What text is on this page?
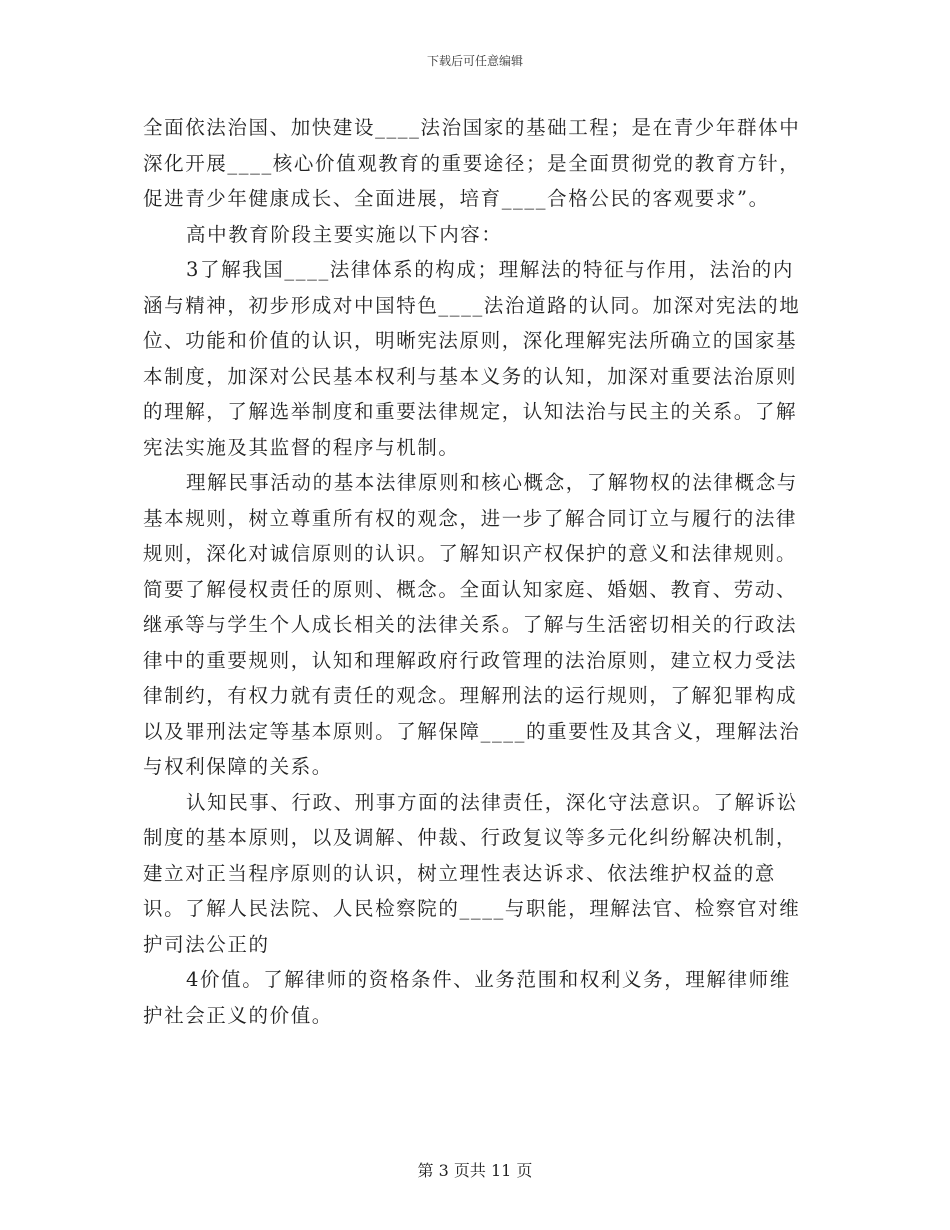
下载后可任意编辑

全面依法治国、加快建设____法治国家的基础工程；是在青少年群体中深化开展____核心价值观教育的重要途径；是全面贯彻党的教育方针，促进青少年健康成长、全面进展，培育____合格公民的客观要求”。

高中教育阶段主要实施以下内容：

3了解我国____法律体系的构成；理解法的特征与作用，法治的内涵与精神，初步形成对中国特色____法治道路的认同。加深对宪法的地位、功能和价值的认识，明晰宪法原则，深化理解宪法所确立的国家基本制度，加深对公民基本权利与基本义务的认知，加深对重要法治原则的理解，了解选举制度和重要法律规定，认知法治与民主的关系。了解宪法实施及其监督的程序与机制。

理解民事活动的基本法律原则和核心概念，了解物权的法律概念与基本规则，树立尊重所有权的观念，进一步了解合同订立与履行的法律规则，深化对诚信原则的认识。了解知识产权保护的意义和法律规则。简要了解侵权责任的原则、概念。全面认知家庭、婚姻、教育、劳动、继承等与学生个人成长相关的法律关系。了解与生活密切相关的行政法律中的重要规则，认知和理解政府行政管理的法治原则，建立权力受法律制约，有权力就有责任的观念。理解刑法的运行规则，了解犯罪构成以及罪刑法定等基本原则。了解保障____的重要性及其含义，理解法治与权利保障的关系。

认知民事、行政、刑事方面的法律责任，深化守法意识。了解诉讼制度的基本原则，以及调解、仲裁、行政复议等多元化纠纷解决机制，建立对正当程序原则的认识，树立理性表达诉求、依法维护权益的意识。了解人民法院、人民检察院的____与职能，理解法官、检察官对维护司法公正的

4价值。了解律师的资格条件、业务范围和权利义务，理解律师维护社会正义的价值。

第 3 页共 11 页
